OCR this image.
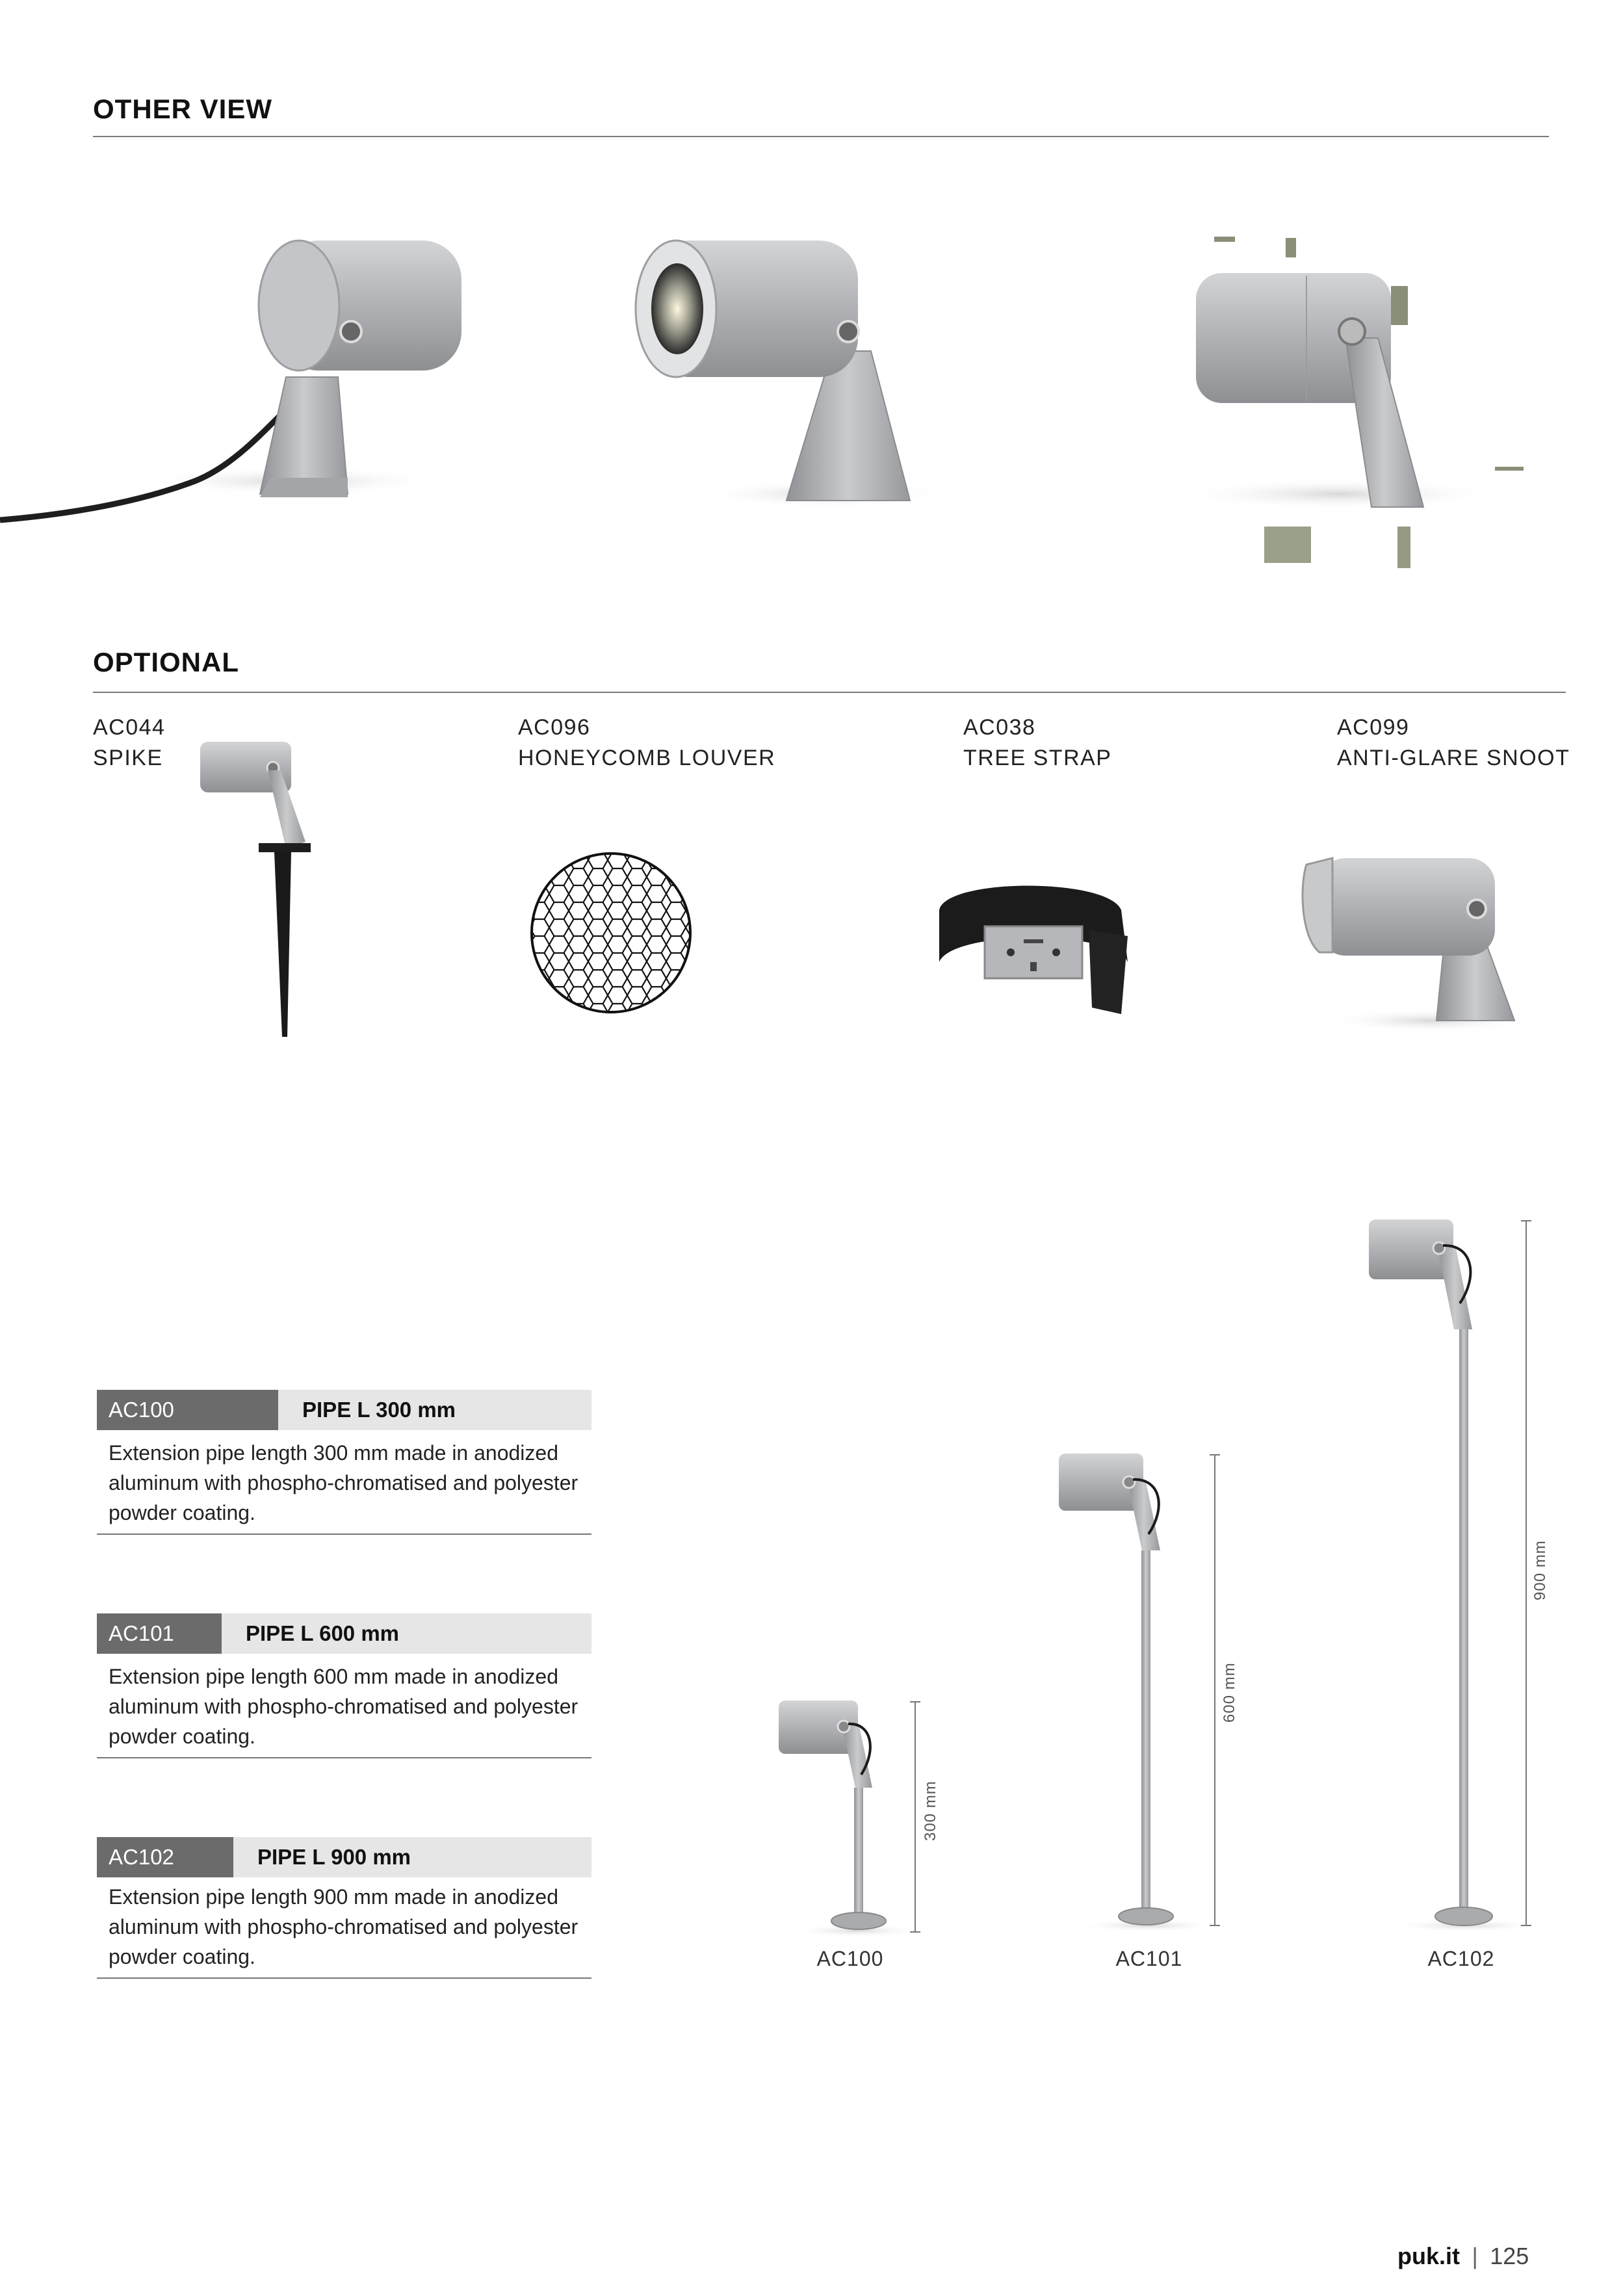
OTHER VIEW
OPTIONAL
AC044
SPIKE
AC096
HONEYCOMB LOUVER
AC038
TREE STRAP
AC099
ANTI-GLARE SNOOT
AC100	PIPE L 300 mm
Extension pipe length 300 mm made in anodized aluminum with phospho-chromatised and polyester powder coating.
AC101	PIPE L 600 mm
Extension pipe length 600 mm made in anodized aluminum with phospho-chromatised and polyester powder coating.
AC102	PIPE L 900 mm
Extension pipe length 900 mm made in anodized aluminum with phospho-chromatised and polyester powder coating.
300 mm
AC100
600 mm
AC101
900 mm
AC102
puk.it | 125
